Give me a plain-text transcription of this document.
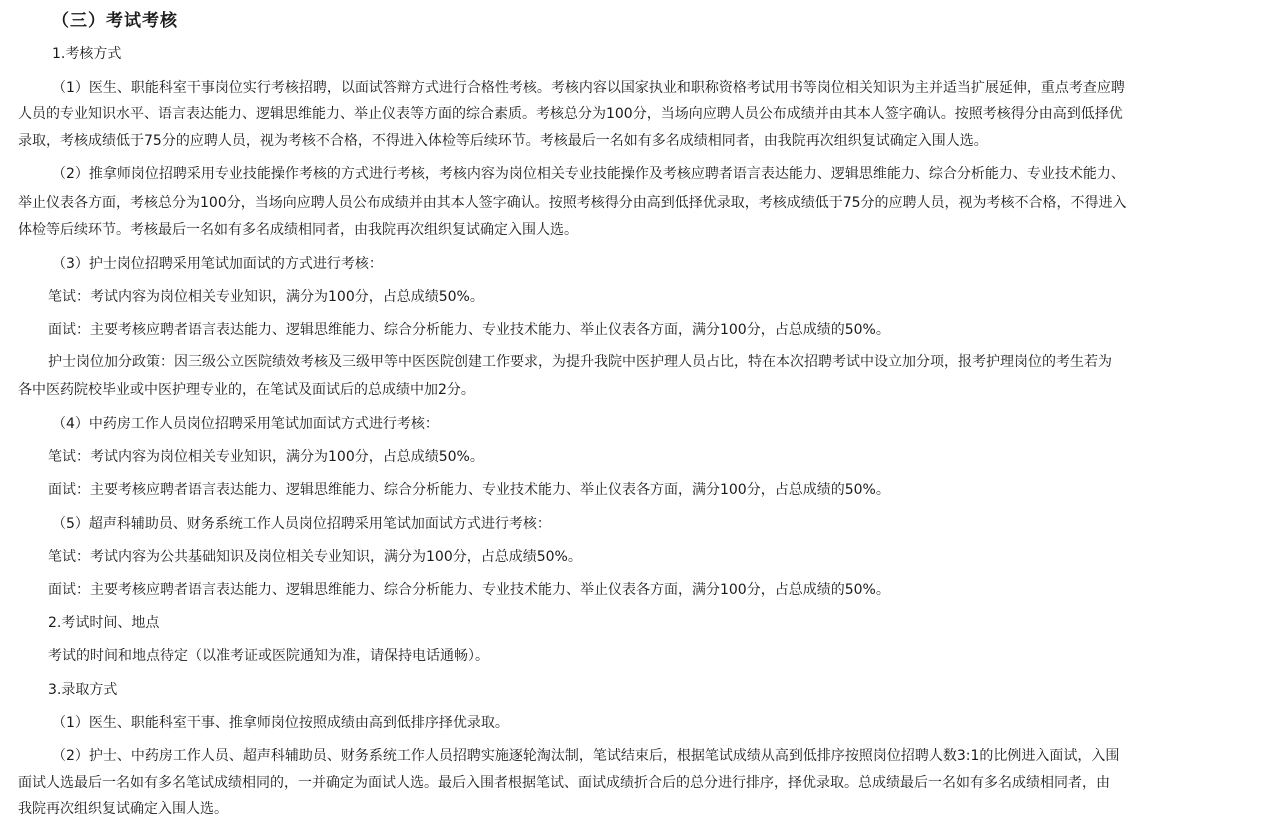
（三）考试考核
1.考核方式
（1）医生、职能科室干事岗位实行考核招聘，以面试答辩方式进行合格性考核。考核内容以国家执业和职称资格考试用书等岗位相关知识为主并适当扩展延伸，重点考查应聘
人员的专业知识水平、语言表达能力、逻辑思维能力、举止仪表等方面的综合素质。考核总分为100分，当场向应聘人员公布成绩并由其本人签字确认。按照考核得分由高到低择优
录取，考核成绩低于75分的应聘人员，视为考核不合格，不得进入体检等后续环节。考核最后一名如有多名成绩相同者，由我院再次组织复试确定入围人选。
（2）推拿师岗位招聘采用专业技能操作考核的方式进行考核，考核内容为岗位相关专业技能操作及考核应聘者语言表达能力、逻辑思维能力、综合分析能力、专业技术能力、
举止仪表各方面，考核总分为100分，当场向应聘人员公布成绩并由其本人签字确认。按照考核得分由高到低择优录取，考核成绩低于75分的应聘人员，视为考核不合格，不得进入
体检等后续环节。考核最后一名如有多名成绩相同者，由我院再次组织复试确定入围人选。
（3）护士岗位招聘采用笔试加面试的方式进行考核：
笔试：考试内容为岗位相关专业知识，满分为100分，占总成绩50%。
面试：主要考核应聘者语言表达能力、逻辑思维能力、综合分析能力、专业技术能力、举止仪表各方面，满分100分，占总成绩的50%。
护士岗位加分政策：因三级公立医院绩效考核及三级甲等中医医院创建工作要求，为提升我院中医护理人员占比，特在本次招聘考试中设立加分项，报考护理岗位的考生若为
各中医药院校毕业或中医护理专业的，在笔试及面试后的总成绩中加2分。
（4）中药房工作人员岗位招聘采用笔试加面试方式进行考核：
笔试：考试内容为岗位相关专业知识，满分为100分，占总成绩50%。
面试：主要考核应聘者语言表达能力、逻辑思维能力、综合分析能力、专业技术能力、举止仪表各方面，满分100分，占总成绩的50%。
（5）超声科辅助员、财务系统工作人员岗位招聘采用笔试加面试方式进行考核：
笔试：考试内容为公共基础知识及岗位相关专业知识，满分为100分，占总成绩50%。
面试：主要考核应聘者语言表达能力、逻辑思维能力、综合分析能力、专业技术能力、举止仪表各方面，满分100分，占总成绩的50%。
2.考试时间、地点
考试的时间和地点待定（以准考证或医院通知为准，请保持电话通畅）。
3.录取方式
（1）医生、职能科室干事、推拿师岗位按照成绩由高到低排序择优录取。
（2）护士、中药房工作人员、超声科辅助员、财务系统工作人员招聘实施逐轮淘汰制，笔试结束后，根据笔试成绩从高到低排序按照岗位招聘人数3:1的比例进入面试，入围
面试人选最后一名如有多名笔试成绩相同的，一并确定为面试人选。最后入围者根据笔试、面试成绩折合后的总分进行排序，择优录取。总成绩最后一名如有多名成绩相同者，由
我院再次组织复试确定入围人选。
